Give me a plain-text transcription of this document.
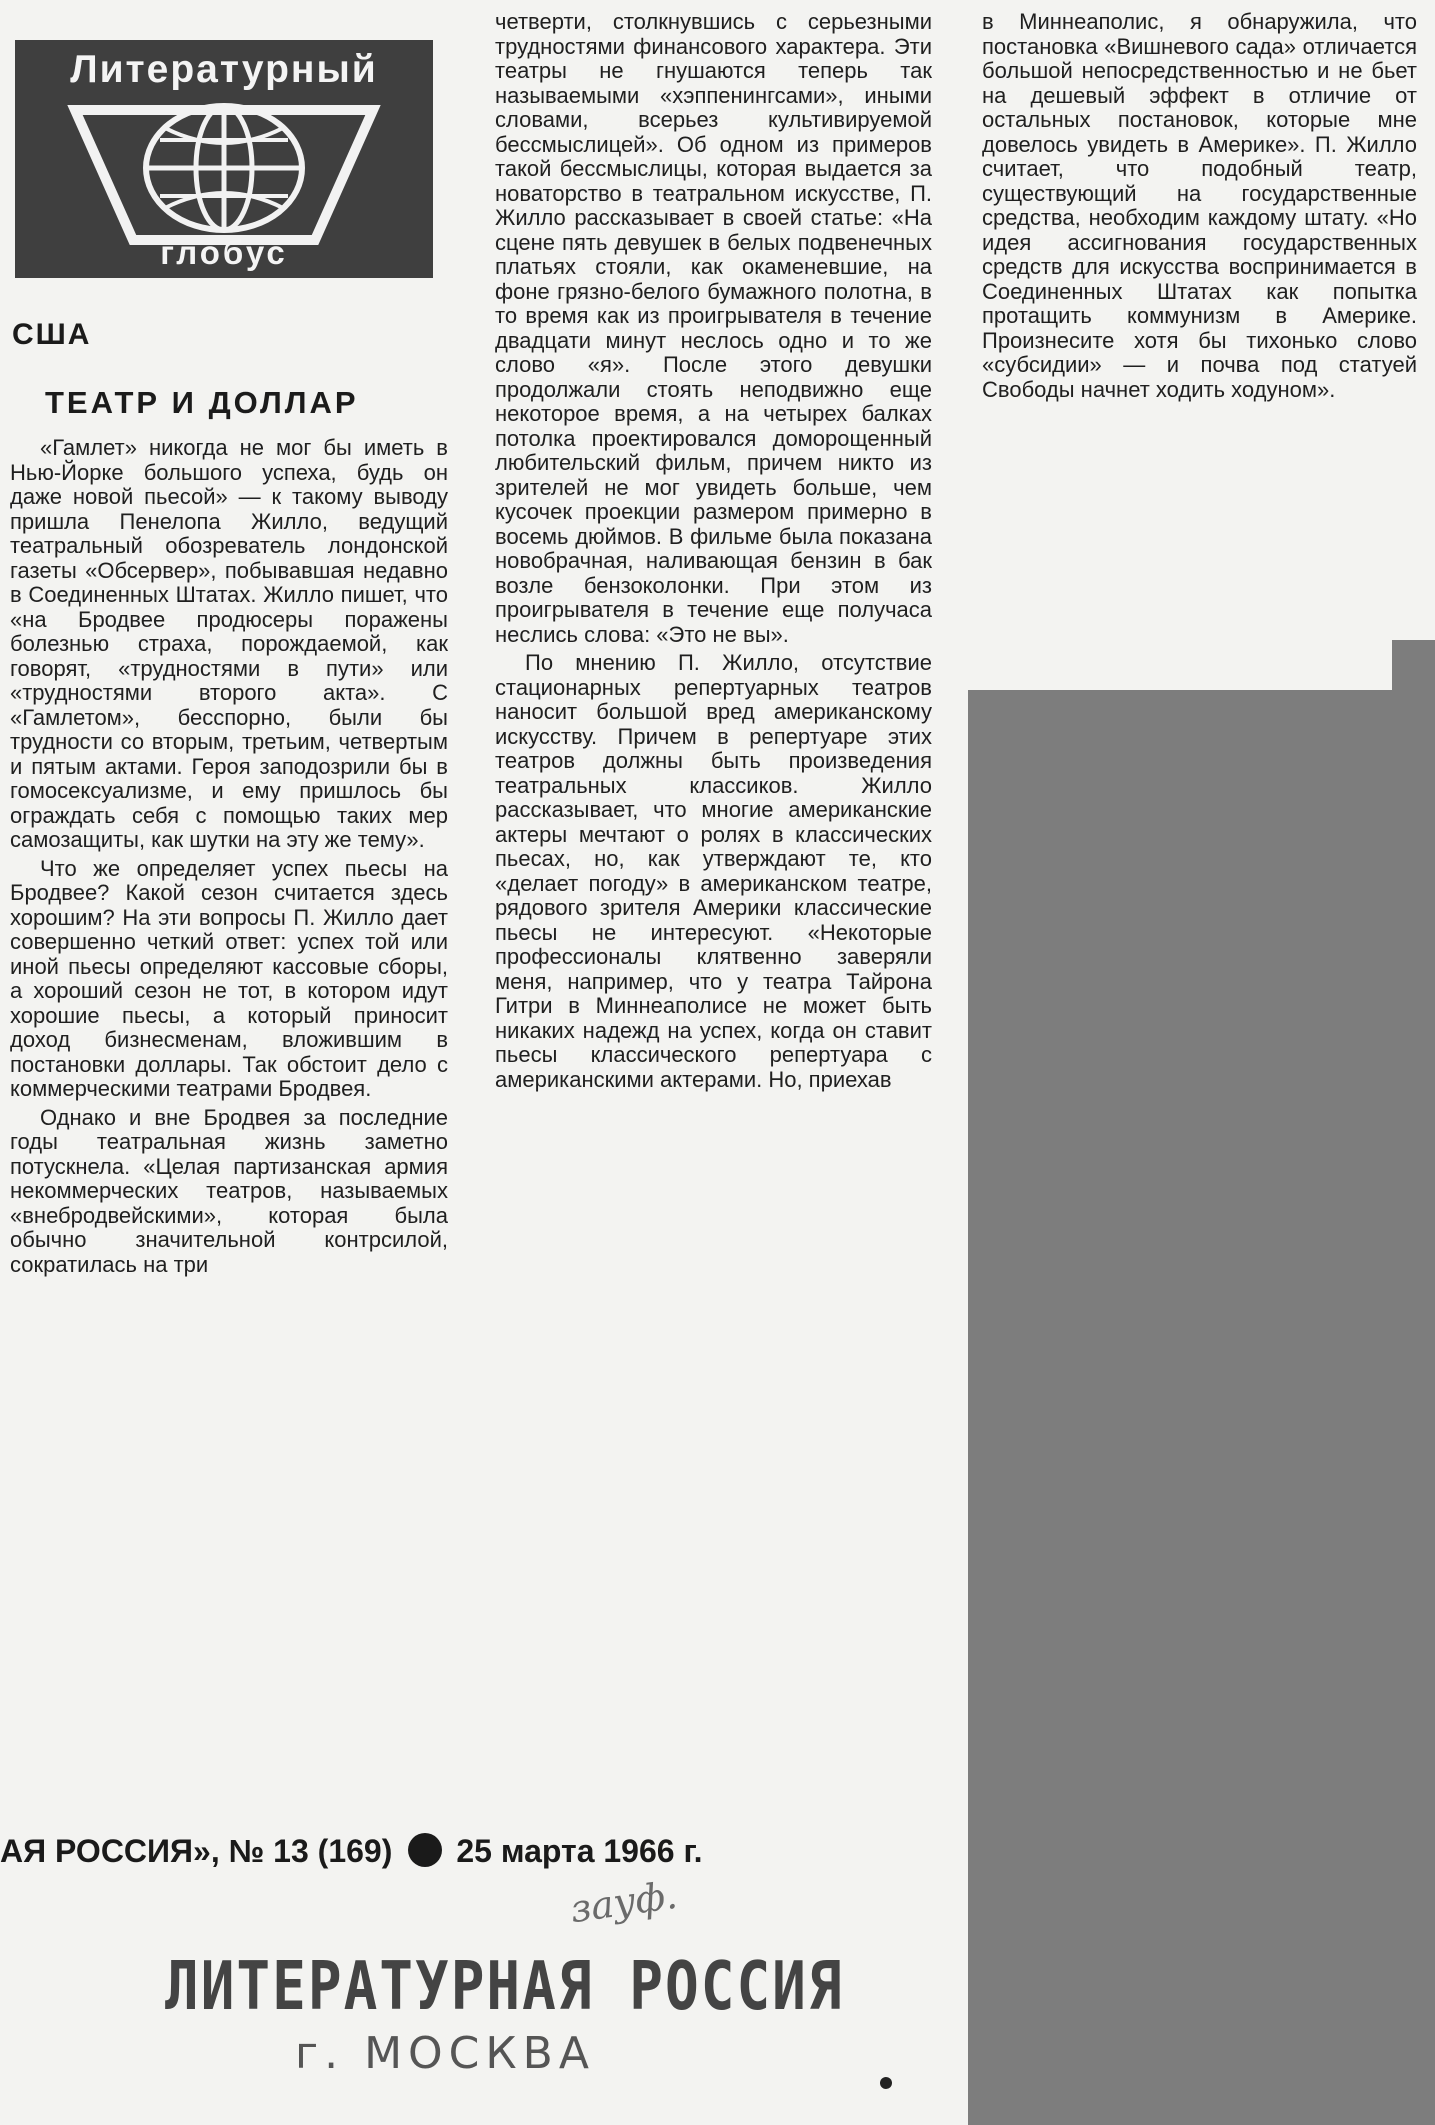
Литературный
глобус
США
ТЕАТР И ДОЛЛАР

«Гамлет» никогда не мог бы иметь в Нью-Йорке большого успеха, будь он даже новой пьесой» — к такому выводу пришла Пенелопа Жилло, ведущий театральный обозреватель лондонской газеты «Обсервер», побывавшая недавно в Соединенных Штатах. Жилло пишет, что «на Бродвее продюсеры поражены болезнью страха, порождаемой, как говорят, «трудностями в пути» или «трудностями второго акта». С «Гамлетом», бесспорно, были бы трудности со вторым, третьим, четвертым и пятым актами. Героя заподозрили бы в гомосексуализме, и ему пришлось бы ограждать себя с помощью таких мер самозащиты, как шутки на эту же тему».

Что же определяет успех пьесы на Бродвее? Какой сезон считается здесь хорошим? На эти вопросы П. Жилло дает совершенно четкий ответ: успех той или иной пьесы определяют кассовые сборы, а хороший сезон не тот, в котором идут хорошие пьесы, а который приносит доход бизнесменам, вложившим в постановки доллары. Так обстоит дело с коммерческими театрами Бродвея.

Однако и вне Бродвея за последние годы театральная жизнь заметно потускнела. «Целая партизанская армия некоммерческих театров, называемых «внебродвейскими», которая была обычно значительной контрсилой, сократилась на три

четверти, столкнувшись с серьезными трудностями финансового характера. Эти театры не гнушаются теперь так называемыми «хэппенингсами», иными словами, всерьез культивируемой бессмыслицей». Об одном из примеров такой бессмыслицы, которая выдается за новаторство в театральном искусстве, П. Жилло рассказывает в своей статье: «На сцене пять девушек в белых подвенечных платьях стояли, как окаменевшие, на фоне грязно-белого бумажного полотна, в то время как из проигрывателя в течение двадцати минут неслось одно и то же слово «я». После этого девушки продолжали стоять неподвижно еще некоторое время, а на четырех балках потолка проектировался доморощенный любительский фильм, причем никто из зрителей не мог увидеть больше, чем кусочек проекции размером примерно в восемь дюймов. В фильме была показана новобрачная, наливающая бензин в бак возле бензоколонки. При этом из проигрывателя в течение еще получаса неслись слова: «Это не вы».

По мнению П. Жилло, отсутствие стационарных репертуарных театров наносит большой вред американскому искусству. Причем в репертуаре этих театров должны быть произведения театральных классиков. Жилло рассказывает, что многие американские актеры мечтают о ролях в классических пьесах, но, как утверждают те, кто «делает погоду» в американском театре, рядового зрителя Америки классические пьесы не интересуют. «Некоторые профессионалы клятвенно заверяли меня, например, что у театра Тайрона Гитри в Миннеаполисе не может быть никаких надежд на успех, когда он ставит пьесы классического репертуара с американскими актерами. Но, приехав

в Миннеаполис, я обнаружила, что постановка «Вишневого сада» отличается большой непосредственностью и не бьет на дешевый эффект в отличие от остальных постановок, которые мне довелось увидеть в Америке». П. Жилло считает, что подобный театр, существующий на государственные средства, необходим каждому штату. «Но идея ассигнования государственных средств для искусства воспринимается в Соединенных Штатах как попытка протащить коммунизм в Америке. Произнесите хотя бы тихонько слово «субсидии» — и почва под статуей Свободы начнет ходить ходуном».

АЯ РОССИЯ», № 13 (169) 25 марта 1966 г.
зауф.
ЛИТЕРАТУРНАЯ РОССИЯ
г. МОСКВА
